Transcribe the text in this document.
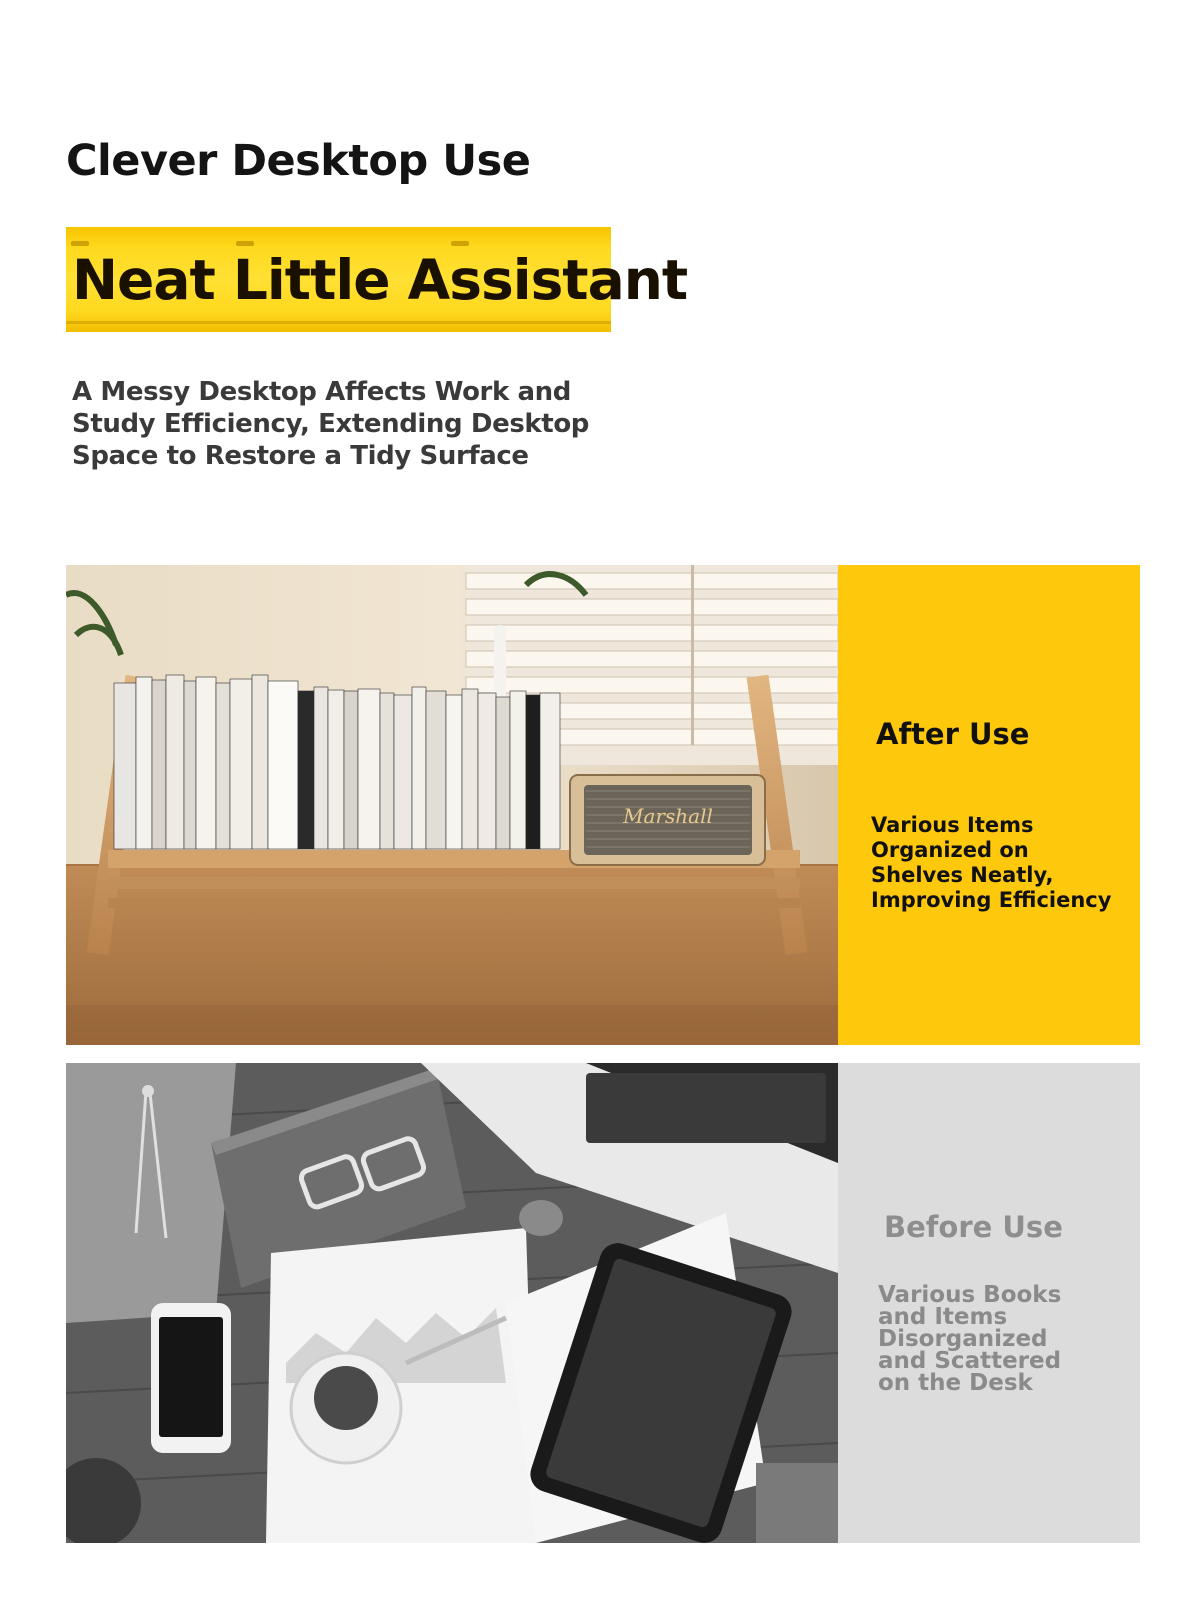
Clever Desktop Use
Neat Little Assistant
A Messy Desktop Affects Work and Study Efficiency, Extending Desktop Space to Restore a Tidy Surface
Marshall
After Use
Various Items Organized on Shelves Neatly, Improving Efficiency
Before Use
Various Books and Items Disorganized and Scattered on the Desk
